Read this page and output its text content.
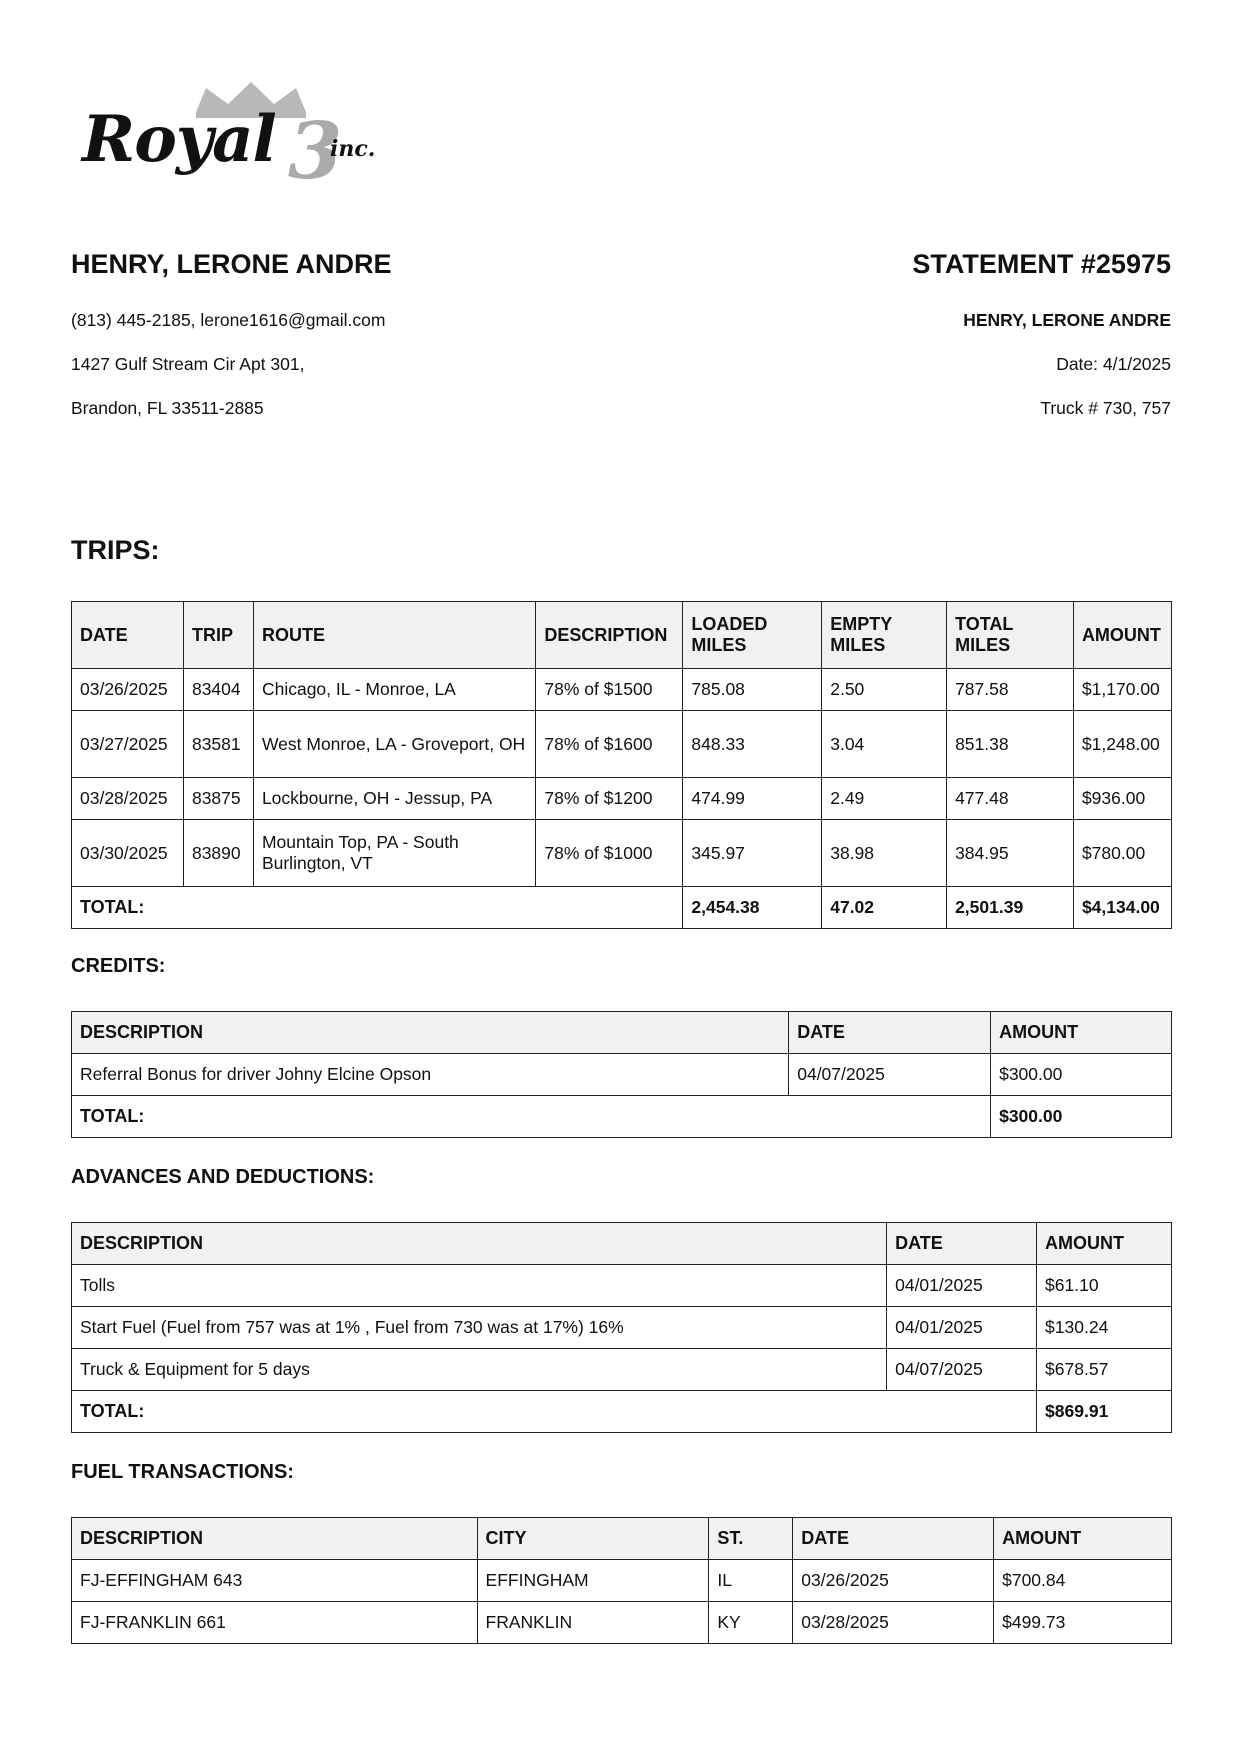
Royal 3
inc.

HENRY, LERONE ANDRE

(813) 445-2185, lerone1616@gmail.com

1427 Gulf Stream Cir Apt 301,

Brandon, FL 33511-2885

STATEMENT #25975

HENRY, LERONE ANDRE

Date: 4/1/2025

Truck # 730, 757

TRIPS:
DATE	TRIP	ROUTE	DESCRIPTION	LOADED MILES	EMPTY MILES	TOTAL MILES	AMOUNT
03/26/2025	83404	Chicago, IL - Monroe, LA	78% of $1500	785.08	2.50	787.58	$1,170.00
03/27/2025	83581	West Monroe, LA - Groveport, OH	78% of $1600	848.33	3.04	851.38	$1,248.00
03/28/2025	83875	Lockbourne, OH - Jessup, PA	78% of $1200	474.99	2.49	477.48	$936.00
03/30/2025	83890	Mountain Top, PA - South Burlington, VT	78% of $1000	345.97	38.98	384.95	$780.00
TOTAL:				2,454.38	47.02	2,501.39	$4,134.00
CREDITS:
DESCRIPTION	DATE	AMOUNT
Referral Bonus for driver Johny Elcine Opson	04/07/2025	$300.00
TOTAL:		$300.00
ADVANCES AND DEDUCTIONS:
DESCRIPTION	DATE	AMOUNT
Tolls	04/01/2025	$61.10
Start Fuel (Fuel from 757 was at 1% , Fuel from 730 was at 17%) 16%	04/01/2025	$130.24
Truck & Equipment for 5 days	04/07/2025	$678.57
TOTAL:		$869.91
FUEL TRANSACTIONS:
DESCRIPTION	CITY	ST.	DATE	AMOUNT
FJ-EFFINGHAM 643	EFFINGHAM	IL	03/26/2025	$700.84
FJ-FRANKLIN 661	FRANKLIN	KY	03/28/2025	$499.73
